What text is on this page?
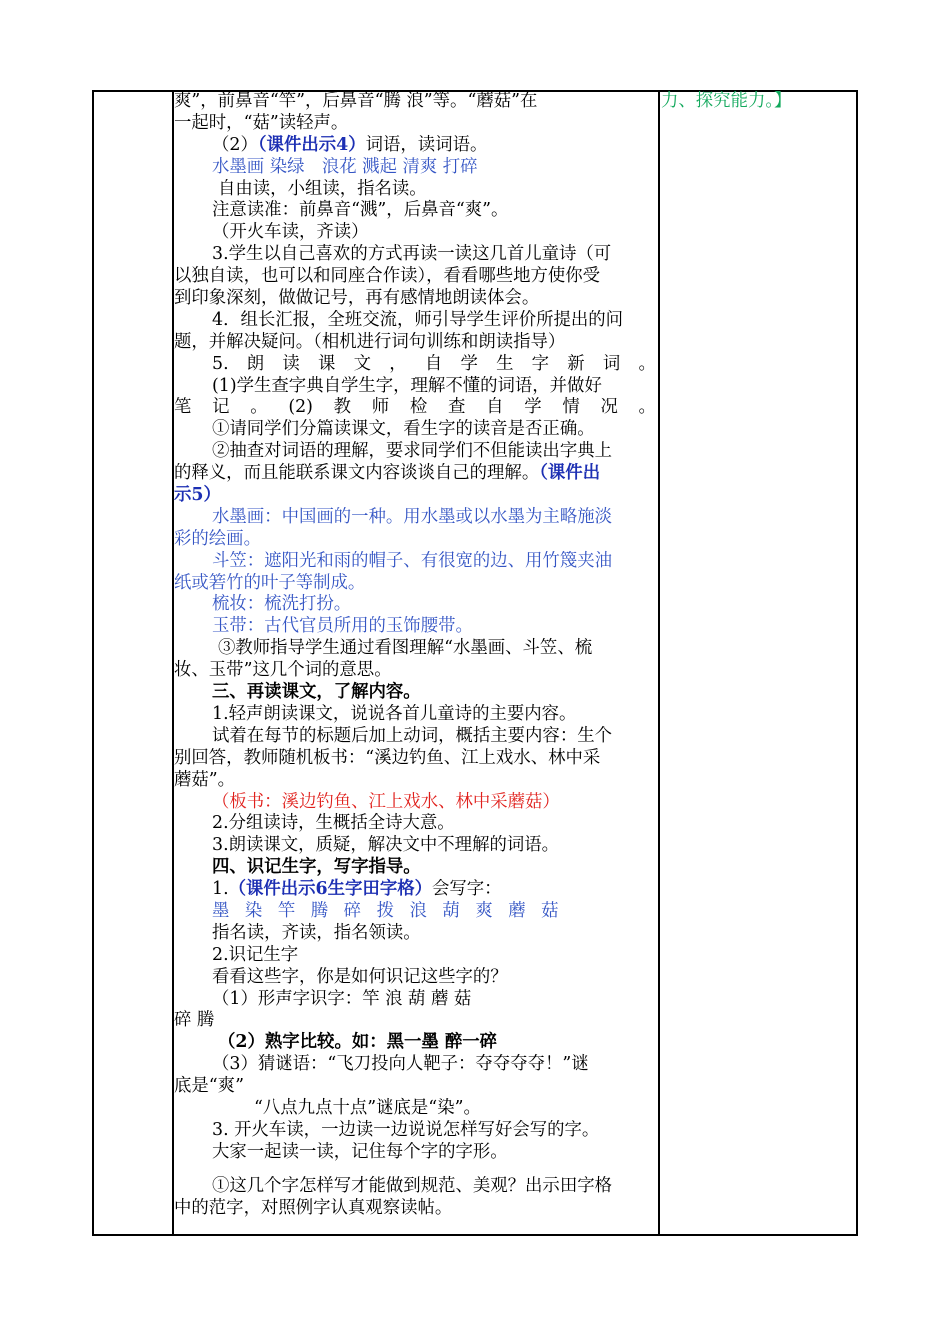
爽”，前鼻音“竿”，后鼻音“腾 浪”等。“蘑菇”在
一起时，“菇”读轻声。
（2）（课件出示4）词语，读词语。
水墨画 染绿　浪花 溅起 清爽 打碎
自由读，小组读，指名读。
注意读准：前鼻音“溅”，后鼻音“爽”。
（开火车读，齐读）
3.学生以自己喜欢的方式再读一读这几首儿童诗（可
以独自读，也可以和同座合作读），看看哪些地方使你受
到印象深刻，做做记号，再有感情地朗读体会。
4．组长汇报，全班交流，师引导学生评价所提出的问
题，并解决疑问。（相机进行词句训练和朗读指导）
5. 朗 读 课 文 ， 自 学 生 字 新 词 。
(1)学生查字典自学生字，理解不懂的词语，并做好
笔 记 。 (2) 教 师 检 查 自 学 情 况 。
①请同学们分篇读课文，看生字的读音是否正确。
②抽查对词语的理解，要求同学们不但能读出字典上
的释义，而且能联系课文内容谈谈自己的理解。（课件出
示5）
水墨画：中国画的一种。用水墨或以水墨为主略施淡
彩的绘画。
斗笠：遮阳光和雨的帽子、有很宽的边、用竹篾夹油
纸或箬竹的叶子等制成。
梳妆：梳洗打扮。
玉带：古代官员所用的玉饰腰带。
③教师指导学生通过看图理解“水墨画、斗笠、梳
妆、玉带”这几个词的意思。
三、再读课文，了解内容。
1.轻声朗读课文，说说各首儿童诗的主要内容。
试着在每节的标题后加上动词，概括主要内容：生个
别回答，教师随机板书：“溪边钓鱼、江上戏水、林中采
蘑菇”。
（板书：溪边钓鱼、江上戏水、林中采蘑菇）
2.分组读诗，生概括全诗大意。
3.朗读课文，质疑，解决文中不理解的词语。
四、识记生字，写字指导。
1.（课件出示6生字田字格）会写字：
墨 染 竿 腾 碎 拨 浪 葫 爽 蘑 菇
指名读，齐读，指名领读。
2.识记生字
看看这些字，你是如何识记这些字的？
（1）形声字识字：竿 浪 葫 蘑 菇
碎 腾
（2）熟字比较。如：黑一墨 醉一碎
（3）猜谜语：“飞刀投向人靶子：夺夺夺夺！”谜
底是“爽”
“八点九点十点”谜底是“染”。
3. 开火车读，一边读一边说说怎样写好会写的字。
大家一起读一读，记住每个字的字形。
①这几个字怎样写才能做到规范、美观？出示田字格
中的范字，对照例字认真观察读帖。
力、探究能力。】
